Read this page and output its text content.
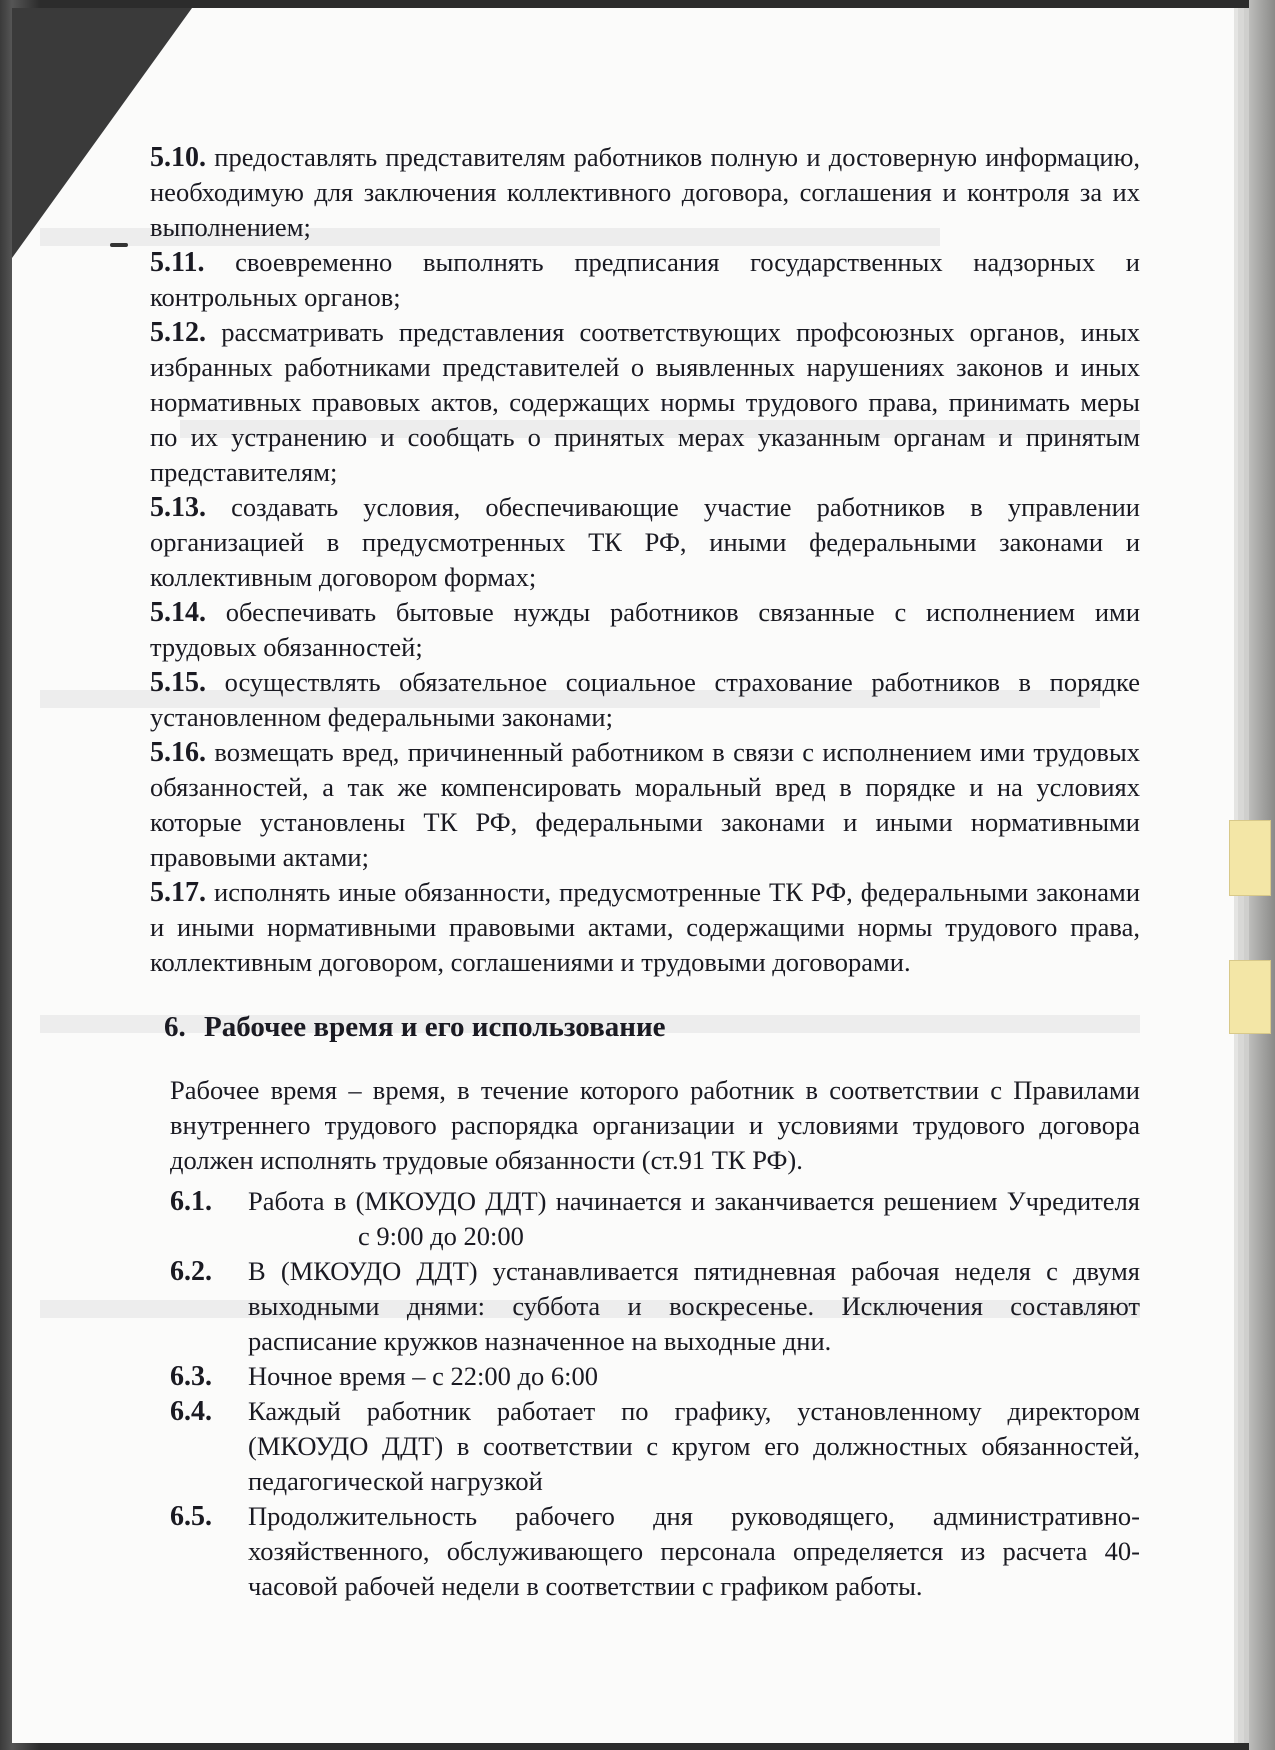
5.10. предоставлять представителям работников полную и достоверную информацию, необходимую для заключения коллективного договора, соглашения и контроля за их выполнением;

5.11. своевременно выполнять предписания государственных надзорных и контрольных органов;

5.12. рассматривать представления соответствующих профсоюзных органов, иных избранных работниками представителей о выявленных нарушениях законов и иных нормативных правовых актов, содержащих нормы трудового права, принимать меры по их устранению и сообщать о принятых мерах указанным органам и принятым представителям;

5.13. создавать условия, обеспечивающие участие работников в управлении организацией в предусмотренных ТК РФ, иными федеральными законами и коллективным договором формах;

5.14. обеспечивать бытовые нужды работников связанные с исполнением ими трудовых обязанностей;

5.15. осуществлять обязательное социальное страхование работников в порядке установленном федеральными законами;

5.16. возмещать вред, причиненный работником в связи с исполнением ими трудовых обязанностей, а так же компенсировать моральный вред в порядке и на условиях которые установлены ТК РФ, федеральными законами и иными нормативными правовыми актами;

5.17. исполнять иные обязанности, предусмотренные ТК РФ, федеральными законами и иными нормативными правовыми актами, содержащими нормы трудового права, коллективным договором, соглашениями и трудовыми договорами.

6. Рабочее время и его использование

Рабочее время – время, в течение которого работник в соответствии с Правилами внутреннего трудового распорядка организации и условиями трудового договора должен исполнять трудовые обязанности (ст.91 ТК РФ).

6.1. Работа в (МКОУДО ДДТ) начинается и заканчивается решением Учредителяс 9:00 до 20:00
6.2. В (МКОУДО ДДТ) устанавливается пятидневная рабочая неделя с двумя выходными днями: суббота и воскресенье. Исключения составляют расписание кружков назначенное на выходные дни.
6.3. Ночное время – с 22:00 до 6:00
6.4. Каждый работник работает по графику, установленному директором (МКОУДО ДДТ) в соответствии с кругом его должностных обязанностей, педагогической нагрузкой
6.5. Продолжительность рабочего дня руководящего, административно-хозяйственного, обслуживающего персонала определяется из расчета 40-часовой рабочей недели в соответствии с графиком работы.
